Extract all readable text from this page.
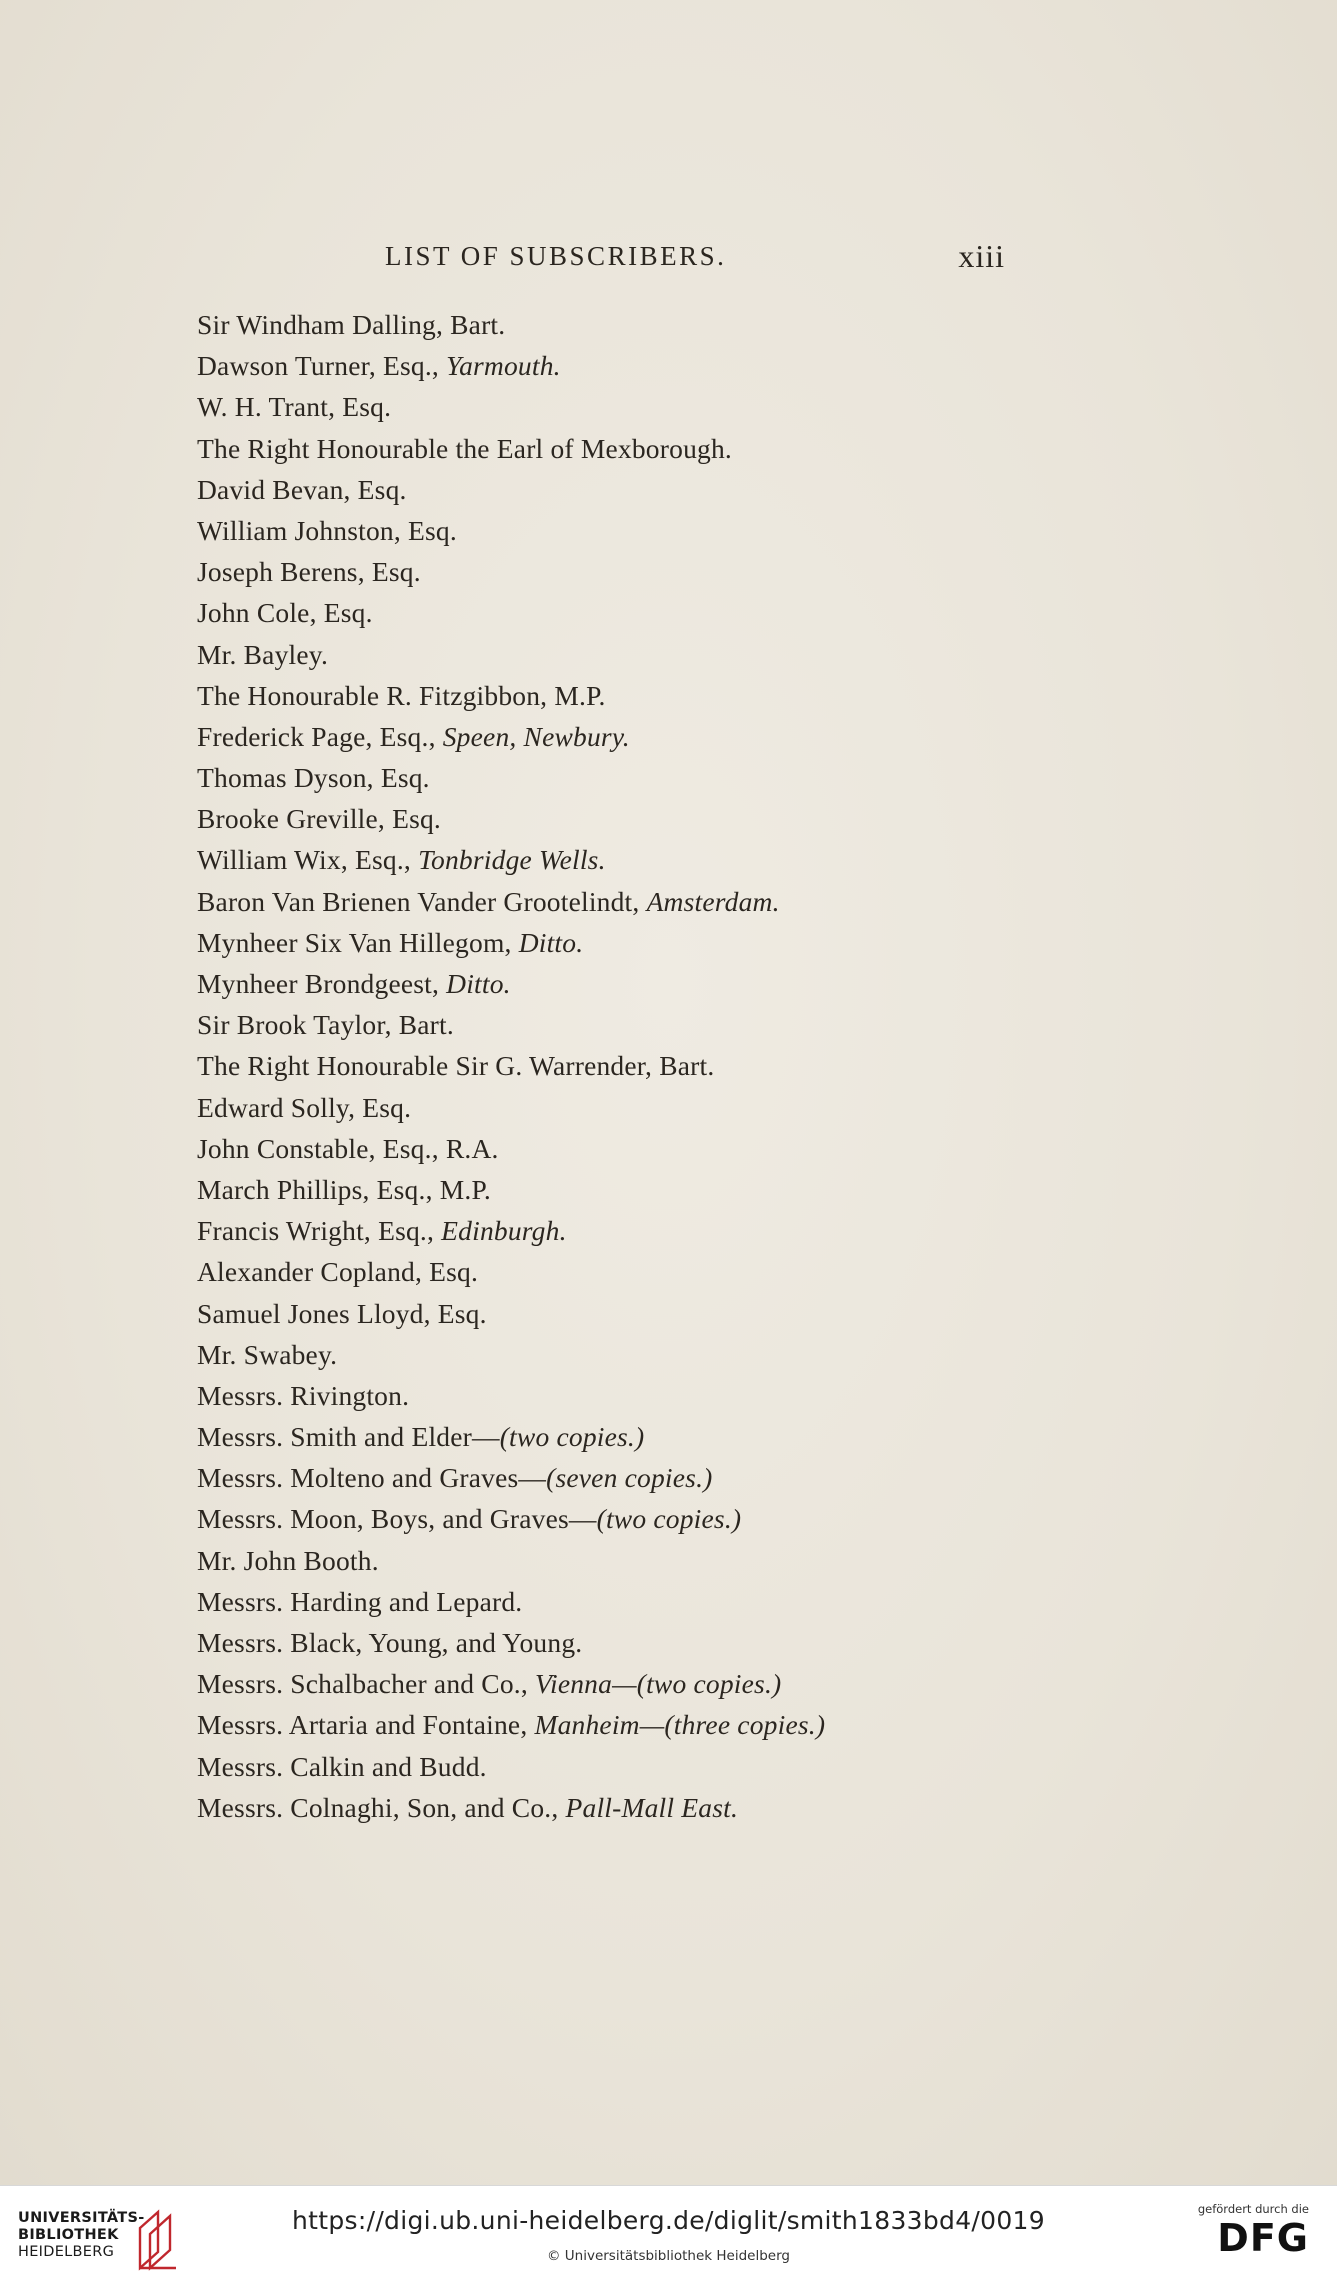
LIST OF SUBSCRIBERS.	xiii
Sir Windham Dalling, Bart.
Dawson Turner, Esq., Yarmouth.
W. H. Trant, Esq.
The Right Honourable the Earl of Mexborough.
David Bevan, Esq.
William Johnston, Esq.
Joseph Berens, Esq.
John Cole, Esq.
Mr. Bayley.
The Honourable R. Fitzgibbon, M.P.
Frederick Page, Esq., Speen, Newbury.
Thomas Dyson, Esq.
Brooke Greville, Esq.
William Wix, Esq., Tonbridge Wells.
Baron Van Brienen Vander Grootelindt, Amsterdam.
Mynheer Six Van Hillegom, Ditto.
Mynheer Brondgeest, Ditto.
Sir Brook Taylor, Bart.
The Right Honourable Sir G. Warrender, Bart.
Edward Solly, Esq.
John Constable, Esq., R.A.
March Phillips, Esq., M.P.
Francis Wright, Esq., Edinburgh.
Alexander Copland, Esq.
Samuel Jones Lloyd, Esq.
Mr. Swabey.
Messrs. Rivington.
Messrs. Smith and Elder—(two copies.)
Messrs. Molteno and Graves—(seven copies.)
Messrs. Moon, Boys, and Graves—(two copies.)
Mr. John Booth.
Messrs. Harding and Lepard.
Messrs. Black, Young, and Young.
Messrs. Schalbacher and Co., Vienna—(two copies.)
Messrs. Artaria and Fontaine, Manheim—(three copies.)
Messrs. Calkin and Budd.
Messrs. Colnaghi, Son, and Co., Pall-Mall East.
UNIVERSITÄTS-
BIBLIOTHEK
HEIDELBERG
https://digi.ub.uni-heidelberg.de/diglit/smith1833bd4/0019
© Universitätsbibliothek Heidelberg
gefördert durch die
DFG
